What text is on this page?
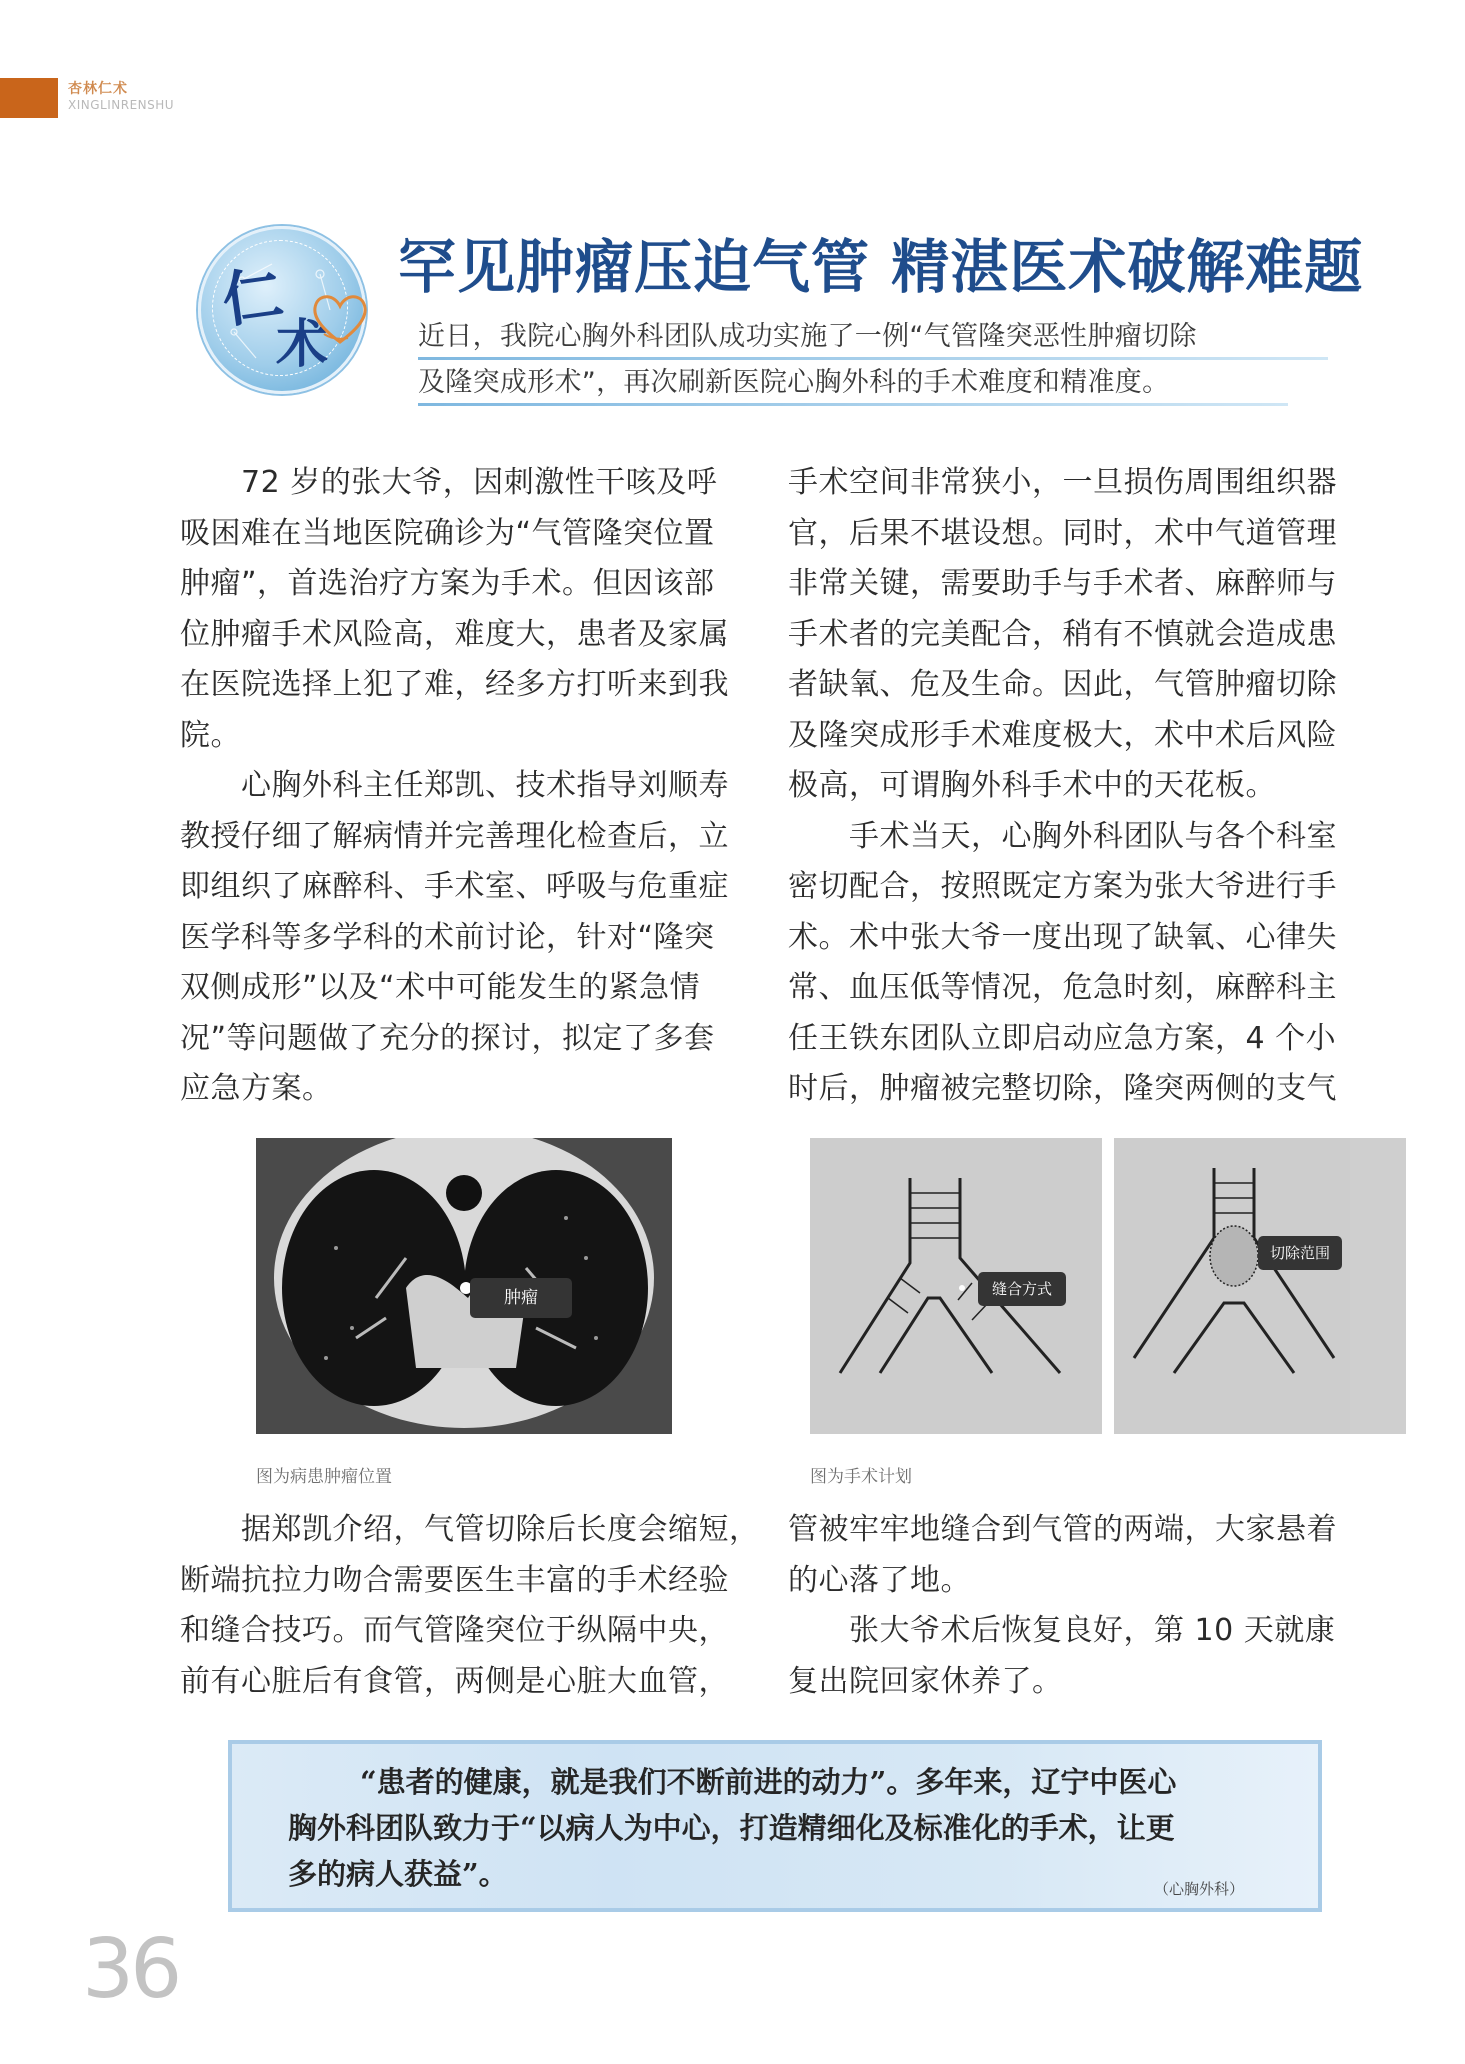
杏林仁术
XINGLINRENSHU
仁
术
罕见肿瘤压迫气管 精湛医术破解难题
近日，我院心胸外科团队成功实施了一例“气管隆突恶性肿瘤切除
及隆突成形术”，再次刷新医院心胸外科的手术难度和精准度。
　　72 岁的张大爷，因刺激性干咳及呼
吸困难在当地医院确诊为“气管隆突位置
肿瘤”，首选治疗方案为手术。但因该部
位肿瘤手术风险高，难度大，患者及家属
在医院选择上犯了难，经多方打听来到我
院。
　　心胸外科主任郑凯、技术指导刘顺寿
教授仔细了解病情并完善理化检查后，立
即组织了麻醉科、手术室、呼吸与危重症
医学科等多学科的术前讨论，针对“隆突
双侧成形”以及“术中可能发生的紧急情
况”等问题做了充分的探讨，拟定了多套
应急方案。
手术空间非常狭小，一旦损伤周围组织器
官，后果不堪设想。同时，术中气道管理
非常关键，需要助手与手术者、麻醉师与
手术者的完美配合，稍有不慎就会造成患
者缺氧、危及生命。因此，气管肿瘤切除
及隆突成形手术难度极大，术中术后风险
极高，可谓胸外科手术中的天花板。
　　手术当天，心胸外科团队与各个科室
密切配合，按照既定方案为张大爷进行手
术。术中张大爷一度出现了缺氧、心律失
常、血压低等情况，危急时刻，麻醉科主
任王铁东团队立即启动应急方案，4 个小
时后，肿瘤被完整切除，隆突两侧的支气
肿瘤
图为病患肿瘤位置
缝合方式
切除范围
图为手术计划
　　据郑凯介绍，气管切除后长度会缩短，
断端抗拉力吻合需要医生丰富的手术经验
和缝合技巧。而气管隆突位于纵隔中央，
前有心脏后有食管，两侧是心脏大血管，
管被牢牢地缝合到气管的两端，大家悬着
的心落了地。
　　张大爷术后恢复良好，第 10 天就康
复出院回家休养了。
“患者的健康，就是我们不断前进的动力”。多年来，辽宁中医心
胸外科团队致力于“以病人为中心，打造精细化及标准化的手术，让更
多的病人获益”。	（心胸外科）
36
